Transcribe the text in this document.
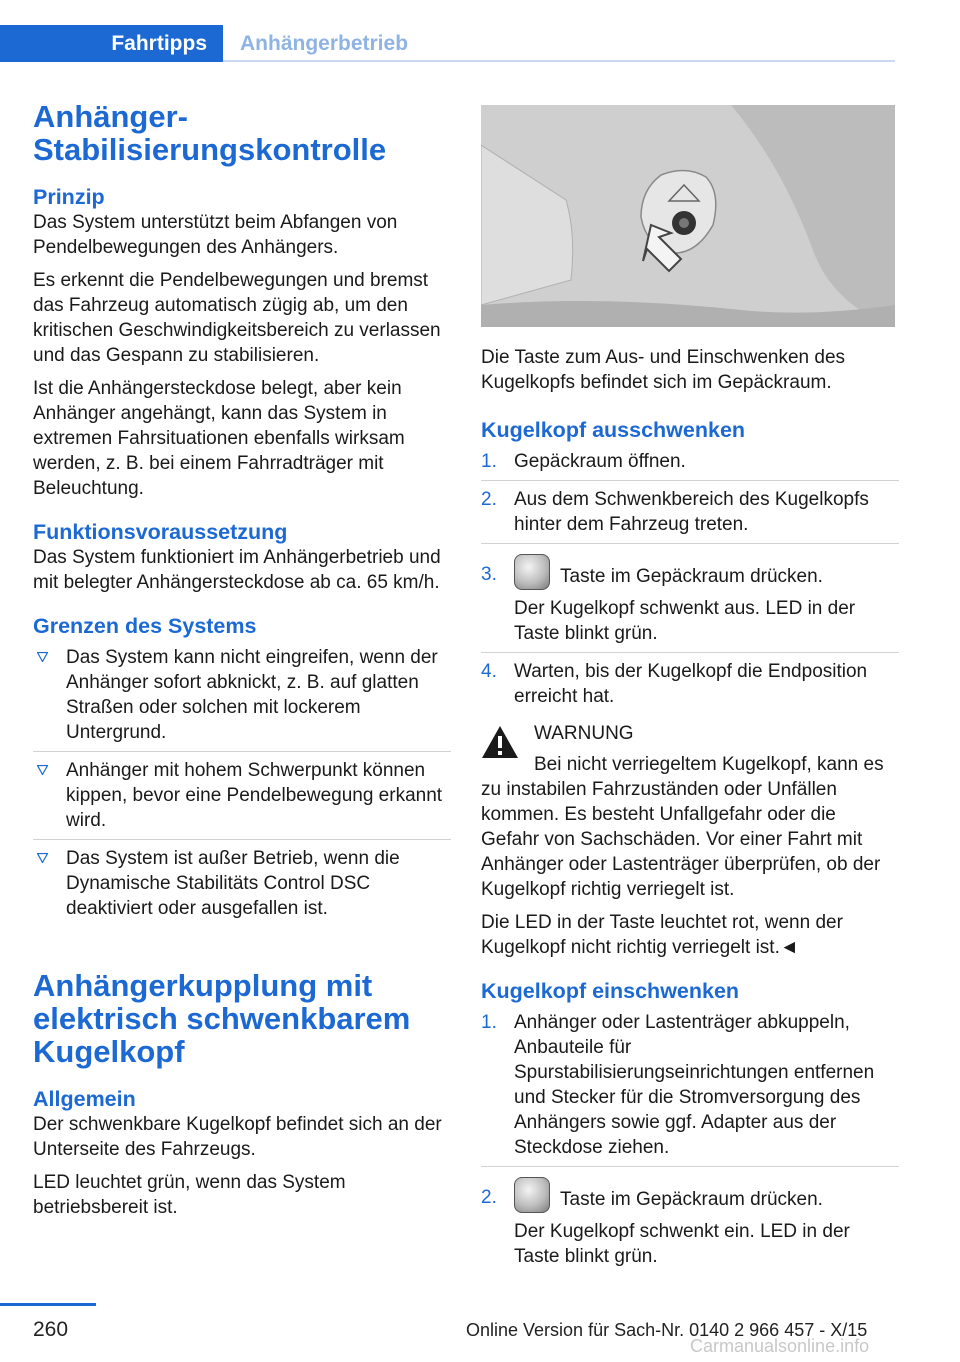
Fahrtipps	Anhängerbetrieb
Anhänger-
Stabilisierungskontrolle
Prinzip

Das System unterstützt beim Abfangen von Pendelbewegungen des Anhängers.

Es erkennt die Pendelbewegungen und bremst das Fahrzeug automatisch zügig ab, um den kritischen Geschwindigkeitsbereich zu verlassen und das Gespann zu stabilisieren.

Ist die Anhängersteckdose belegt, aber kein Anhänger angehängt, kann das System in extremen Fahrsituationen ebenfalls wirksam werden, z. B. bei einem Fahrradträger mit Beleuchtung.

Funktionsvoraussetzung

Das System funktioniert im Anhängerbetrieb und mit belegter Anhängersteckdose ab ca. 65 km/h.

Grenzen des Systems
Das System kann nicht eingreifen, wenn der Anhänger sofort abknickt, z. B. auf glatten Straßen oder solchen mit lockerem Untergrund.
Anhänger mit hohem Schwerpunkt können kippen, bevor eine Pendelbewegung erkannt wird.
Das System ist außer Betrieb, wenn die Dynamische Stabilitäts Control DSC deaktiviert oder ausgefallen ist.
Anhängerkupplung mit elektrisch schwenkbarem Kugelkopf
Allgemein

Der schwenkbare Kugelkopf befindet sich an der Unterseite des Fahrzeugs.

LED leuchtet grün, wenn das System betriebsbereit ist.

Die Taste zum Aus- und Einschwenken des Kugelkopfs befindet sich im Gepäckraum.

Kugelkopf ausschwenken
1. Gepäckraum öffnen.
2. Aus dem Schwenkbereich des Kugelkopfs hinter dem Fahrzeug treten.
3.	Taste im Gepäckraum drücken.
Der Kugelkopf schwenkt aus. LED in der Taste blinkt grün.
4. Warten, bis der Kugelkopf die Endposition erreicht hat.

WARNUNG

Bei nicht verriegeltem Kugelkopf, kann es zu instabilen Fahrzuständen oder Unfällen kommen. Es besteht Unfallgefahr oder die Gefahr von Sachschäden. Vor einer Fahrt mit Anhänger oder Lastenträger überprüfen, ob der Kugelkopf richtig verriegelt ist.

Die LED in der Taste leuchtet rot, wenn der Kugelkopf nicht richtig verriegelt ist.◄

Kugelkopf einschwenken
1. Anhänger oder Lastenträger abkuppeln, Anbauteile für Spurstabilisierungseinrichtungen entfernen und Stecker für die Stromversorgung des Anhängers sowie ggf. Adapter aus der Steckdose ziehen.
2.	Taste im Gepäckraum drücken.
Der Kugelkopf schwenkt ein. LED in der Taste blinkt grün.
260	Online Version für Sach-Nr. 0140 2 966 457 - X/15
Carmanualsonline.info
